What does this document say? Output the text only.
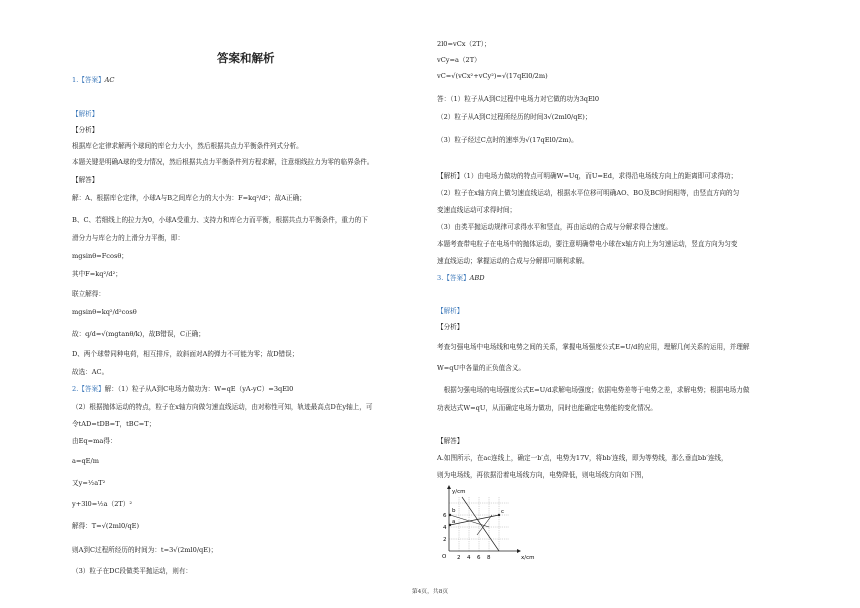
答案和解析
1.【答案】AC
【解析】
【分析】
根据库仑定律求解两个球间的库仑力大小，然后根据共点力平衡条件列式分析。
本题关键是明确A球的受力情况，然后根据共点力平衡条件列方程求解，注意细线拉力为零的临界条件。
【解答】
解：A、根据库仑定律，小球A与B之间库仑力的大小为：F=kq²/d²；故A正确；
B、C、若细线上的拉力为0，小球A受重力、支持力和库仑力而平衡，根据共点力平衡条件，重力的下
滑分力与库仑力的上滑分力平衡，即：
mgsinθ=Fcosθ；
其中F=kq²/d²；
联立解得：
mgsinθ=kq²/d²cosθ
故：q/d=√(mgtanθ/k)，故B错误，C正确；
D、两个球带同种电荷，相互排斥，故斜面对A的弹力不可能为零；故D错误；
故选：AC。
2.【答案】解：（1）粒子从A到C电场力做功为：W=qE（yA-yC）=3qEl0
（2）根据抛体运动的特点，粒子在x轴方向做匀速直线运动，由对称性可知，轨迹最高点D在y轴上，可
令tAD=tDB=T，tBC=T；
由Eq=ma得：
a=qE/m
又y=½aT²
y+3l0=½a（2T）²
解得：T=√(2ml0/qE)
则A到C过程所经历的时间为：t=3√(2ml0/qE)；
（3）粒子在DC段做类平抛运动，则有：
2l0=vCx（2T）；
vCy=a（2T）
vC=√(vCx²+vCy²)=√(17qEl0/2m)
答：（1）粒子从A到C过程中电场力对它做的功为3qEl0
（2）粒子从A到C过程所经历的时间3√(2ml0/qE)；
（3）粒子经过C点时的速率为√(17qEl0/2m)。
【解析】（1）由电场力做功的特点可明确W=Uq，而U=Ed，求得沿电场线方向上的距离即可求得功；
（2）粒子在x轴方向上做匀速直线运动，根据水平位移可明确AO、BO及BC时间相等，由竖直方向的匀
变速直线运动可求得时间；
（3）由类平抛运动规律可求得水平和竖直，再由运动的合成与分解求得合速度。
本题考查带电粒子在电场中的抛体运动，要注意明确带电小球在x轴方向上为匀速运动，竖直方向为匀变
速直线运动；掌握运动的合成与分解即可顺利求解。
3.【答案】ABD
【解析】
【分析】
考查匀强电场中电场线和电势之间的关系，掌握电场强度公式E=U/d的应用，理解几何关系的运用，并理解
W=qU中各量的正负值含义。
　根据匀强电场的电场强度公式E=U/d求解电场强度；依据电势差等于电势之差，求解电势；根据电场力做
功表达式W=qU，从而确定电场力做功，同时也能确定电势能的变化情况。
【解答】
A.如图所示，在ac连线上，确定一b′点，电势为17V，将bb′连线，即为等势线，那么垂直bb′连线，
则为电场线，再依据沿着电场线方向，电势降低，则电场线方向如下图，
y/cm
x/cm
O 2 4 6 8
2
4
6
a
b	c
第4页，共8页
